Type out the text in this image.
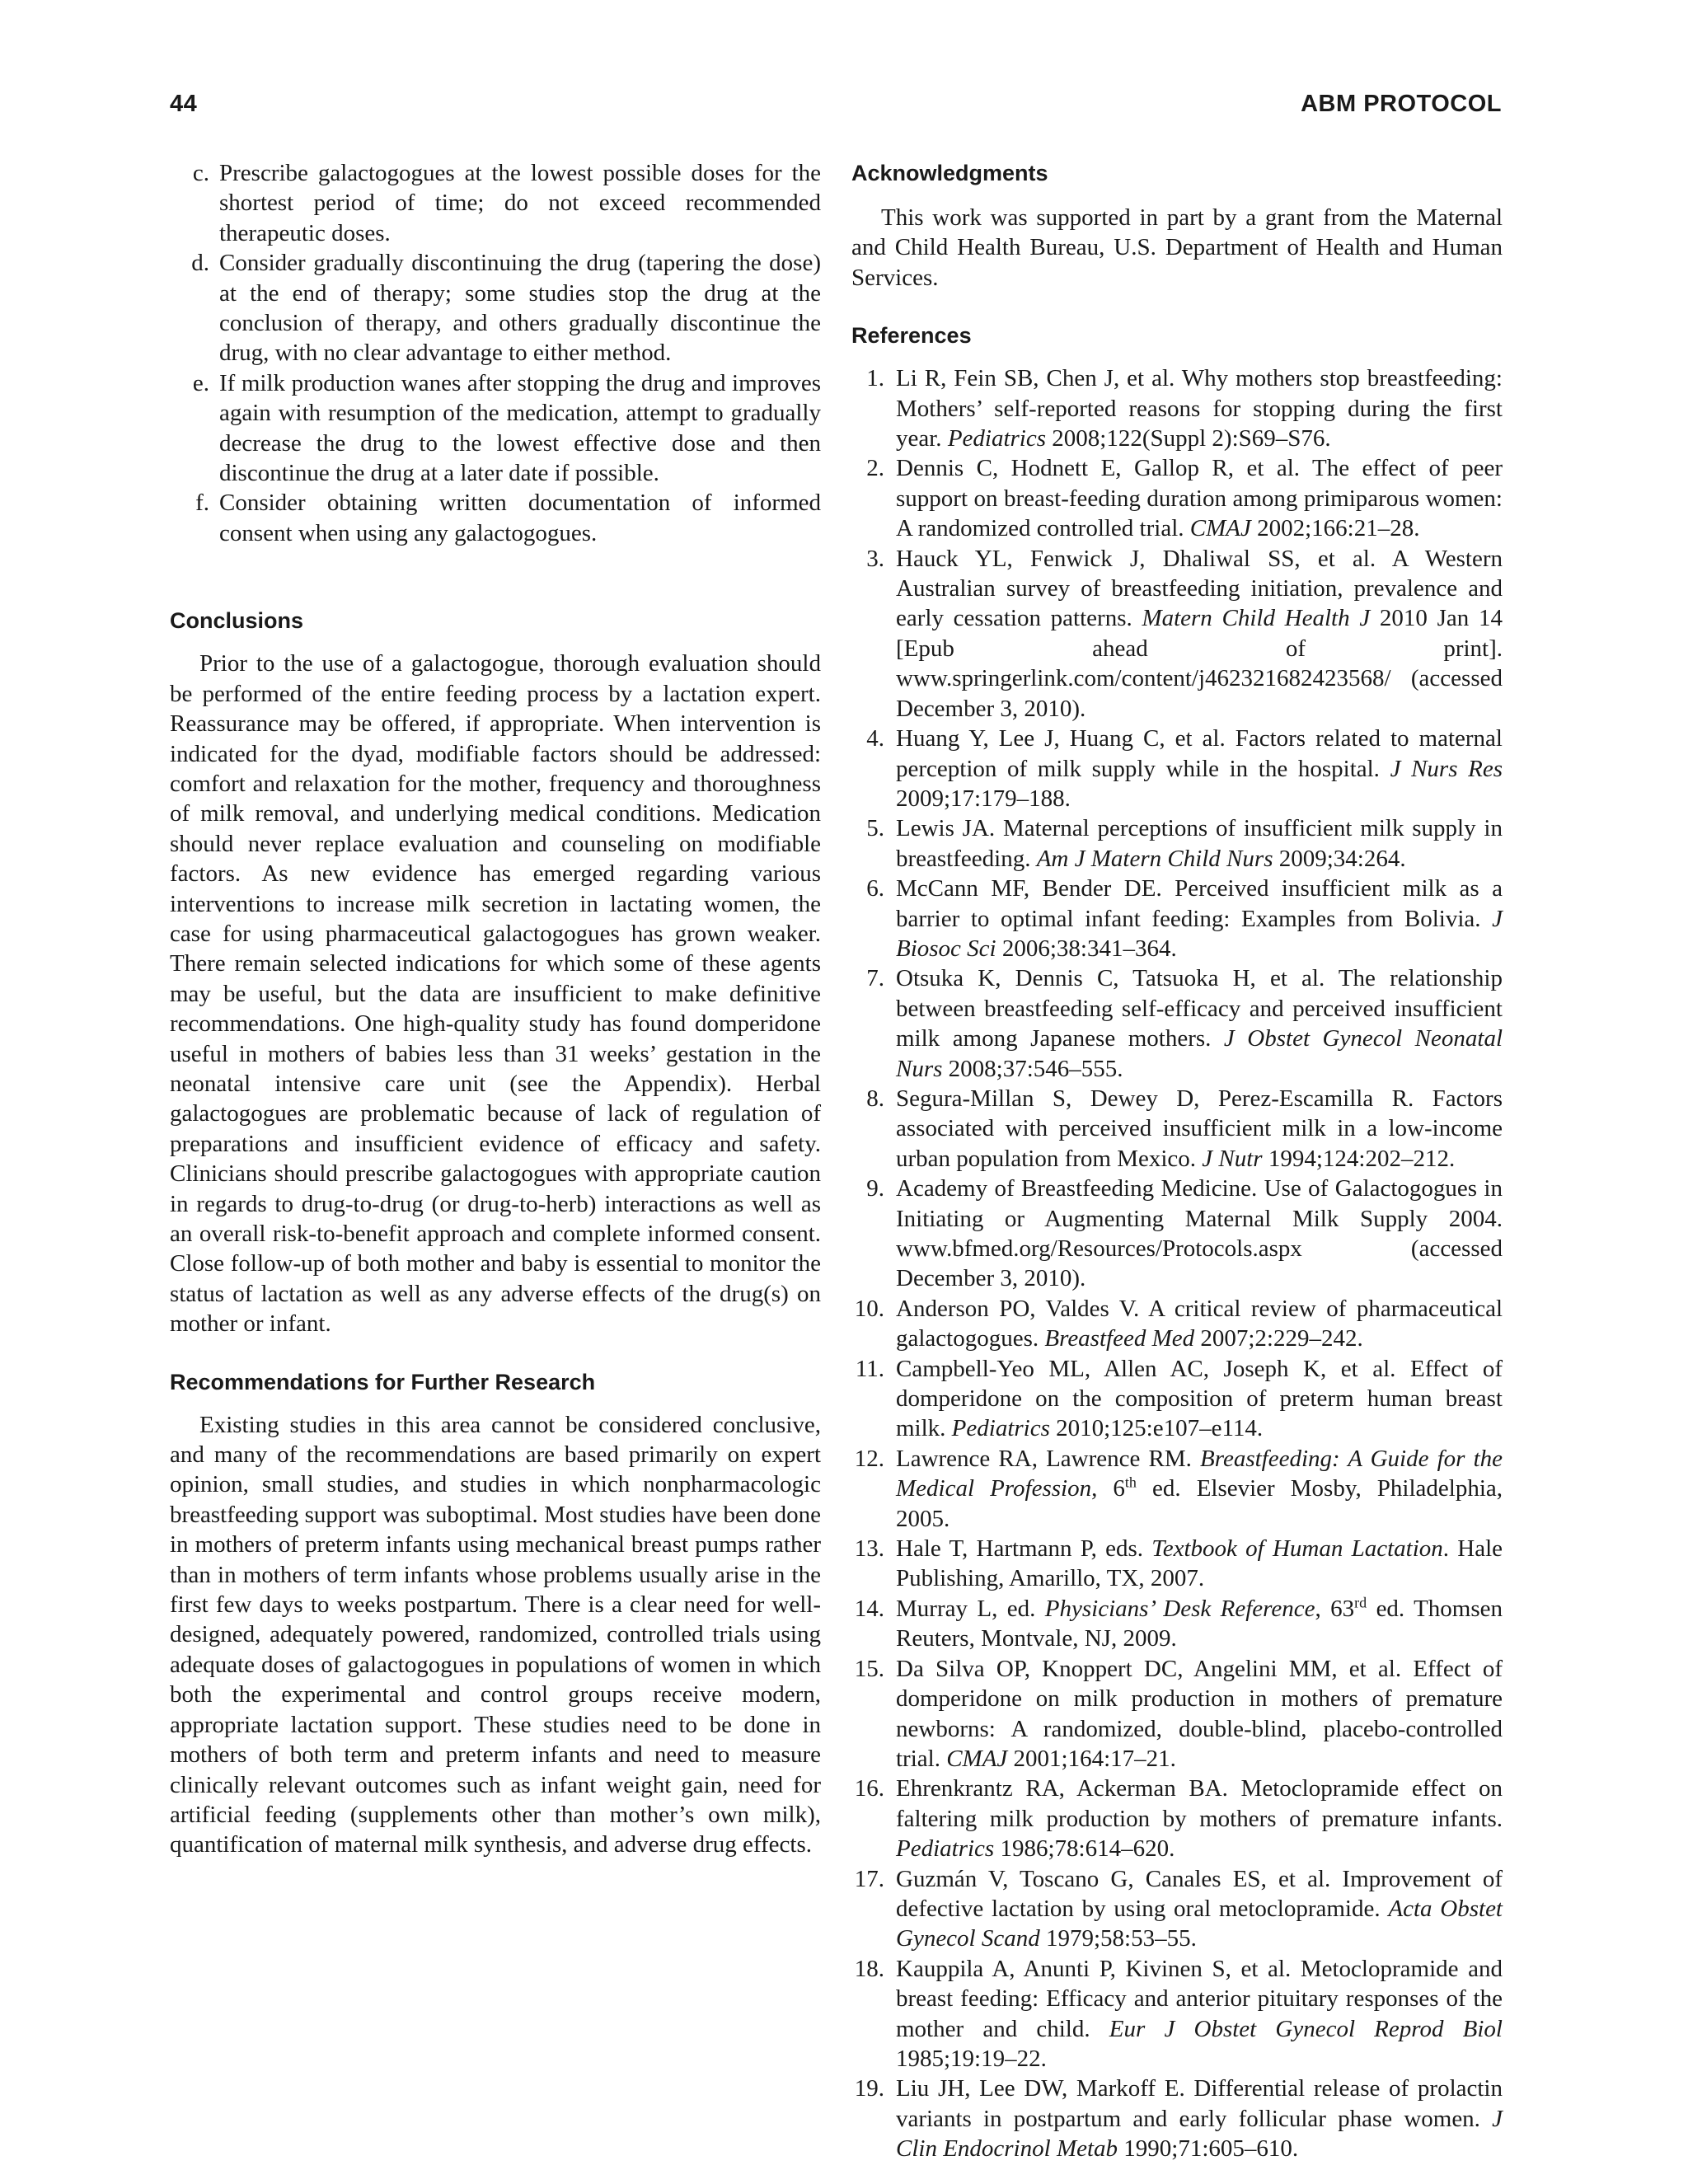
44	ABM PROTOCOL
c. Prescribe galactogogues at the lowest possible doses for the shortest period of time; do not exceed recommended therapeutic doses.
d. Consider gradually discontinuing the drug (tapering the dose) at the end of therapy; some studies stop the drug at the conclusion of therapy, and others gradually discontinue the drug, with no clear advantage to either method.
e. If milk production wanes after stopping the drug and improves again with resumption of the medication, attempt to gradually decrease the drug to the lowest effective dose and then discontinue the drug at a later date if possible.
f. Consider obtaining written documentation of informed consent when using any galactogogues.
Conclusions

Prior to the use of a galactogogue, thorough evaluation should be performed of the entire feeding process by a lactation expert. Reassurance may be offered, if appropriate. When intervention is indicated for the dyad, modifiable factors should be addressed: comfort and relaxation for the mother, frequency and thoroughness of milk removal, and underlying medical conditions. Medication should never replace evaluation and counseling on modifiable factors. As new evidence has emerged regarding various interventions to increase milk secretion in lactating women, the case for using pharmaceutical galactogogues has grown weaker. There remain selected indications for which some of these agents may be useful, but the data are insufficient to make definitive recommendations. One high-quality study has found domperidone useful in mothers of babies less than 31 weeks’ gestation in the neonatal intensive care unit (see the Appendix). Herbal galactogogues are problematic because of lack of regulation of preparations and insufficient evidence of efficacy and safety. Clinicians should prescribe galactogogues with appropriate caution in regards to drug-to-drug (or drug-to-herb) interactions as well as an overall risk-to-benefit approach and complete informed consent. Close follow-up of both mother and baby is essential to monitor the status of lactation as well as any adverse effects of the drug(s) on mother or infant.

Recommendations for Further Research

Existing studies in this area cannot be considered conclusive, and many of the recommendations are based primarily on expert opinion, small studies, and studies in which nonpharmacologic breastfeeding support was suboptimal. Most studies have been done in mothers of preterm infants using mechanical breast pumps rather than in mothers of term infants whose problems usually arise in the first few days to weeks postpartum. There is a clear need for well-designed, adequately powered, randomized, controlled trials using adequate doses of galactogogues in populations of women in which both the experimental and control groups receive modern, appropriate lactation support. These studies need to be done in mothers of both term and preterm infants and need to measure clinically relevant outcomes such as infant weight gain, need for artificial feeding (supplements other than mother’s own milk), quantification of maternal milk synthesis, and adverse drug effects.

Acknowledgments

This work was supported in part by a grant from the Maternal and Child Health Bureau, U.S. Department of Health and Human Services.

References
1. Li R, Fein SB, Chen J, et al. Why mothers stop breastfeeding: Mothers’ self-reported reasons for stopping during the first year. Pediatrics 2008;122(Suppl 2):S69–S76.
2. Dennis C, Hodnett E, Gallop R, et al. The effect of peer support on breast-feeding duration among primiparous women: A randomized controlled trial. CMAJ 2002;166:21–28.
3. Hauck YL, Fenwick J, Dhaliwal SS, et al. A Western Australian survey of breastfeeding initiation, prevalence and early cessation patterns. Matern Child Health J 2010 Jan 14 [Epub ahead of print]. www.springerlink.com/content/j462321682423568/ (accessed December 3, 2010).
4. Huang Y, Lee J, Huang C, et al. Factors related to maternal perception of milk supply while in the hospital. J Nurs Res 2009;17:179–188.
5. Lewis JA. Maternal perceptions of insufficient milk supply in breastfeeding. Am J Matern Child Nurs 2009;34:264.
6. McCann MF, Bender DE. Perceived insufficient milk as a barrier to optimal infant feeding: Examples from Bolivia. J Biosoc Sci 2006;38:341–364.
7. Otsuka K, Dennis C, Tatsuoka H, et al. The relationship between breastfeeding self-efficacy and perceived insufficient milk among Japanese mothers. J Obstet Gynecol Neonatal Nurs 2008;37:546–555.
8. Segura-Millan S, Dewey D, Perez-Escamilla R. Factors associated with perceived insufficient milk in a low-income urban population from Mexico. J Nutr 1994;124:202–212.
9. Academy of Breastfeeding Medicine. Use of Galactogogues in Initiating or Augmenting Maternal Milk Supply 2004. www.bfmed.org/Resources/Protocols.aspx (accessed December 3, 2010).
10. Anderson PO, Valdes V. A critical review of pharmaceutical galactogogues. Breastfeed Med 2007;2:229–242.
11. Campbell-Yeo ML, Allen AC, Joseph K, et al. Effect of domperidone on the composition of preterm human breast milk. Pediatrics 2010;125:e107–e114.
12. Lawrence RA, Lawrence RM. Breastfeeding: A Guide for the Medical Profession, 6th ed. Elsevier Mosby, Philadelphia, 2005.
13. Hale T, Hartmann P, eds. Textbook of Human Lactation. Hale Publishing, Amarillo, TX, 2007.
14. Murray L, ed. Physicians’ Desk Reference, 63rd ed. Thomsen Reuters, Montvale, NJ, 2009.
15. Da Silva OP, Knoppert DC, Angelini MM, et al. Effect of domperidone on milk production in mothers of premature newborns: A randomized, double-blind, placebo-controlled trial. CMAJ 2001;164:17–21.
16. Ehrenkrantz RA, Ackerman BA. Metoclopramide effect on faltering milk production by mothers of premature infants. Pediatrics 1986;78:614–620.
17. Guzmán V, Toscano G, Canales ES, et al. Improvement of defective lactation by using oral metoclopramide. Acta Obstet Gynecol Scand 1979;58:53–55.
18. Kauppila A, Anunti P, Kivinen S, et al. Metoclopramide and breast feeding: Efficacy and anterior pituitary responses of the mother and child. Eur J Obstet Gynecol Reprod Biol 1985;19:19–22.
19. Liu JH, Lee DW, Markoff E. Differential release of prolactin variants in postpartum and early follicular phase women. J Clin Endocrinol Metab 1990;71:605–610.
